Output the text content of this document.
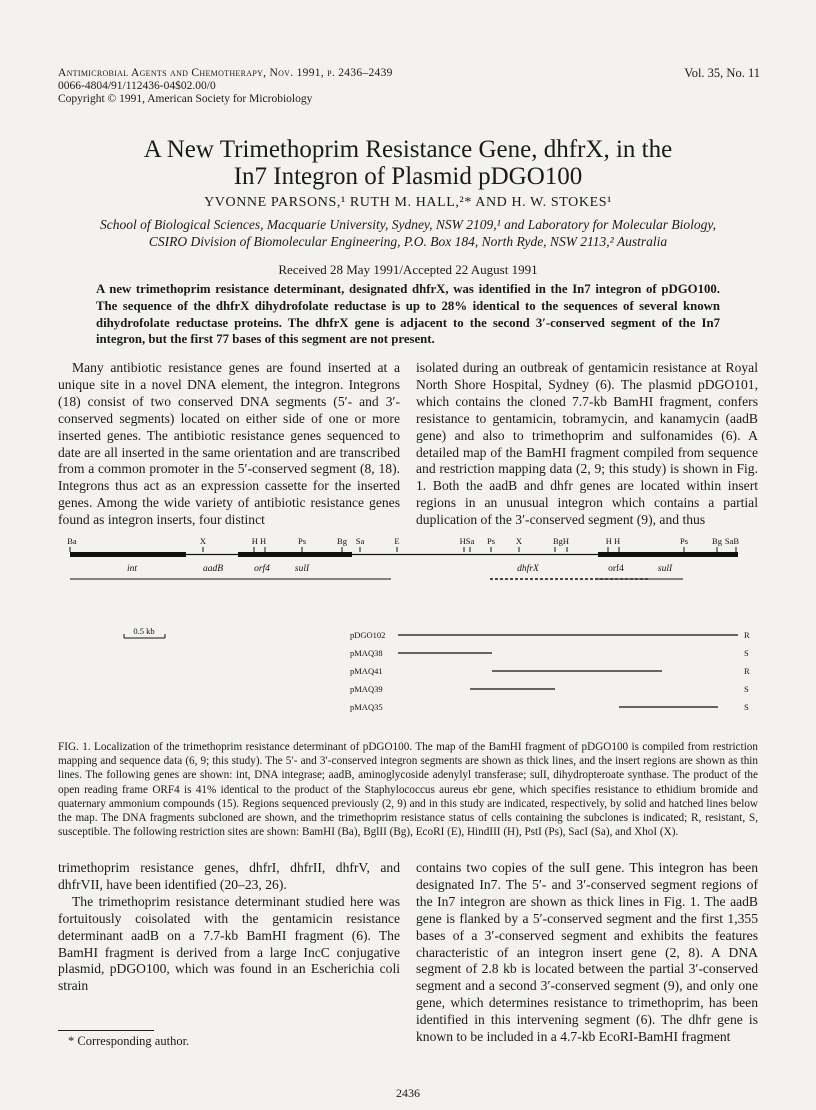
Antimicrobial Agents and Chemotherapy, Nov. 1991, p. 2436–2439
0066-4804/91/112436-04$02.00/0
Copyright © 1991, American Society for Microbiology
Vol. 35, No. 11
A New Trimethoprim Resistance Gene, dhfrX, in the
In7 Integron of Plasmid pDGO100
YVONNE PARSONS,¹ RUTH M. HALL,²* AND H. W. STOKES¹
School of Biological Sciences, Macquarie University, Sydney, NSW 2109,¹ and Laboratory for Molecular Biology,
CSIRO Division of Biomolecular Engineering, P.O. Box 184, North Ryde, NSW 2113,² Australia
Received 28 May 1991/Accepted 22 August 1991
A new trimethoprim resistance determinant, designated dhfrX, was identified in the In7 integron of pDGO100. The sequence of the dhfrX dihydrofolate reductase is up to 28% identical to the sequences of several known dihydrofolate reductase proteins. The dhfrX gene is adjacent to the second 3′-conserved segment of the In7 integron, but the first 77 bases of this segment are not present.

Many antibiotic resistance genes are found inserted at a unique site in a novel DNA element, the integron. Integrons (18) consist of two conserved DNA segments (5′- and 3′-conserved segments) located on either side of one or more inserted genes. The antibiotic resistance genes sequenced to date are all inserted in the same orientation and are transcribed from a common promoter in the 5′-conserved segment (8, 18). Integrons thus act as an expression cassette for the inserted genes. Among the wide variety of antibiotic resistance genes found as integron inserts, four distinct

isolated during an outbreak of gentamicin resistance at Royal North Shore Hospital, Sydney (6). The plasmid pDGO101, which contains the cloned 7.7-kb BamHI fragment, confers resistance to gentamicin, tobramycin, and kanamycin (aadB gene) and also to trimethoprim and sulfonamides (6). A detailed map of the BamHI fragment compiled from sequence and restriction mapping data (2, 9; this study) is shown in Fig. 1. Both the aadB and dhfr genes are located within insert regions in an unusual integron which contains a partial duplication of the 3′-conserved segment (9), and thus

Ba	X	H H	Ps	Bg Sa	E	HSa Ps X	BgH	H H	Ps	Bg SaB
int	aadB	orf4	sulI	dhfrX	orf4	sulI
0.5 kb	pDGO102	R
pMAQ38	S
pMAQ41	R
pMAQ39	S
pMAQ35	S
FIG. 1. Localization of the trimethoprim resistance determinant of pDGO100. The map of the BamHI fragment of pDGO100 is compiled from restriction mapping and sequence data (6, 9; this study). The 5′- and 3′-conserved integron segments are shown as thick lines, and the insert regions are shown as thin lines. The following genes are shown: int, DNA integrase; aadB, aminoglycoside adenylyl transferase; sulI, dihydropteroate synthase. The product of the open reading frame ORF4 is 41% identical to the product of the Staphylococcus aureus ebr gene, which specifies resistance to ethidium bromide and quaternary ammonium compounds (15). Regions sequenced previously (2, 9) and in this study are indicated, respectively, by solid and hatched lines below the map. The DNA fragments subcloned are shown, and the trimethoprim resistance status of cells containing the subclones is indicated; R, resistant, S, susceptible. The following restriction sites are shown: BamHI (Ba), BglII (Bg), EcoRI (E), HindIII (H), PstI (Ps), SacI (Sa), and XhoI (X).

trimethoprim resistance genes, dhfrI, dhfrII, dhfrV, and dhfrVII, have been identified (20–23, 26).

The trimethoprim resistance determinant studied here was fortuitously coisolated with the gentamicin resistance determinant aadB on a 7.7-kb BamHI fragment (6). The BamHI fragment is derived from a large IncC conjugative plasmid, pDGO100, which was found in an Escherichia coli strain

contains two copies of the sulI gene. This integron has been designated In7. The 5′- and 3′-conserved segment regions of the In7 integron are shown as thick lines in Fig. 1. The aadB gene is flanked by a 5′-conserved segment and the first 1,355 bases of a 3′-conserved segment and exhibits the features characteristic of an integron insert gene (2, 8). A DNA segment of 2.8 kb is located between the partial 3′-conserved segment and a second 3′-conserved segment (9), and only one gene, which determines resistance to trimethoprim, has been identified in this intervening segment (6). The dhfr gene is known to be included in a 4.7-kb EcoRI-BamHI fragment

* Corresponding author.
2436
